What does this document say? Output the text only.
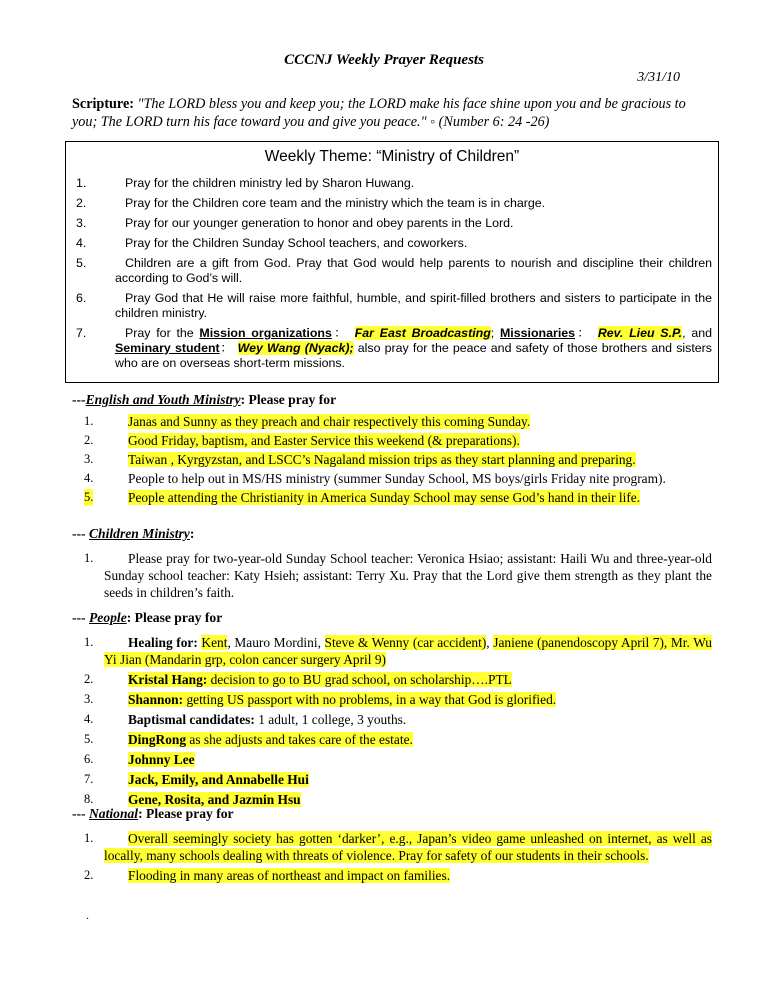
CCCNJ Weekly Prayer Requests
3/31/10
Scripture: "The LORD bless you and keep you; the LORD make his face shine upon you and be gracious to you; The LORD turn his face toward you and give you peace." ◦ (Number 6: 24 -26)
Weekly Theme: “Ministry of Children”
1.	Pray for the children ministry led by Sharon Huwang.
2.	Pray for the Children core team and the ministry which the team is in charge.
3.	Pray for our younger generation to honor and obey parents in the Lord.
4.	Pray for the Children Sunday School teachers, and coworkers.
5.	Children are a gift from God. Pray that God would help parents to nourish and discipline their children according to God’s will.
6.	Pray God that He will raise more faithful, humble, and spirit-filled brothers and sisters to participate in the children ministry.
7.	Pray for the Mission organizations： Far East Broadcasting; Missionaries： Rev. Lieu S.P., and Seminary student： Wey Wang (Nyack); also pray for the peace and safety of those brothers and sisters who are on overseas short-term missions.
---English and Youth Ministry: Please pray for
1.	Janas and Sunny as they preach and chair respectively this coming Sunday.
2.	Good Friday, baptism, and Easter Service this weekend (& preparations).
3.	Taiwan , Kyrgyzstan, and LSCC’s Nagaland mission trips as they start planning and preparing.
4.	People to help out in MS/HS ministry (summer Sunday School, MS boys/girls Friday nite program).
5.	People attending the Christianity in America Sunday School may sense God’s hand in their life.
--- Children Ministry:
1.	Please pray for two-year-old Sunday School teacher: Veronica Hsiao; assistant: Haili Wu and three-year-old Sunday school teacher: Katy Hsieh; assistant: Terry Xu. Pray that the Lord give them strength as they plant the seeds in children’s faith.
--- People: Please pray for
1.	Healing for: Kent, Mauro Mordini, Steve & Wenny (car accident), Janiene (panendoscopy April 7), Mr. Wu Yi Jian (Mandarin grp, colon cancer surgery April 9)
2.	Kristal Hang: decision to go to BU grad school, on scholarship….PTL
3.	Shannon: getting US passport with no problems, in a way that God is glorified.
4.	Baptismal candidates: 1 adult, 1 college, 3 youths.
5.	DingRong as she adjusts and takes care of the estate.
6.	Johnny Lee
7.	Jack, Emily, and Annabelle Hui
8.	Gene, Rosita, and Jazmin Hsu
--- National: Please pray for
1.	Overall seemingly society has gotten ‘darker’, e.g., Japan’s video game unleashed on internet, as well as locally, many schools dealing with threats of violence. Pray for safety of our students in their schools.
2.	Flooding in many areas of northeast and impact on families.
.
